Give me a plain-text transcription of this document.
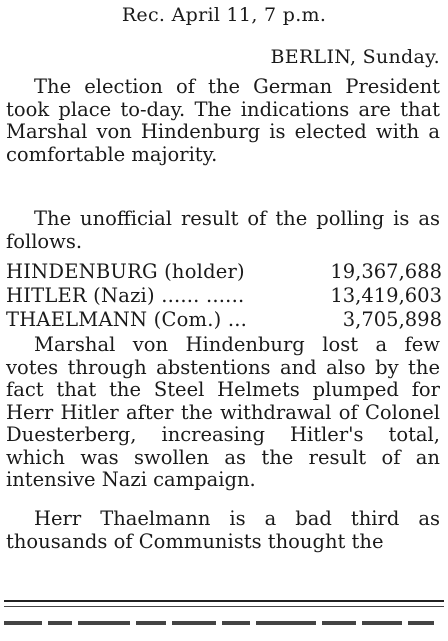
Rec. April 11, 7 p.m.
BERLIN, Sunday.
The election of the German President took place to-day. The indications are that Marshal von Hindenburg is elected with a comfortable majority.
The unofficial result of the polling is as follows.
HINDENBURG (holder)	19,367,688
HITLER (Nazi) ...... ......	13,419,603
THAELMANN (Com.) ...	3,705,898
Marshal von Hindenburg lost a few votes through abstentions and also by the fact that the Steel Helmets plumped for Herr Hitler after the withdrawal of Colonel Duesterberg, increasing Hitler's total, which was swollen as the result of an intensive Nazi campaign.
Herr Thaelmann is a bad third as thousands of Communists thought the
